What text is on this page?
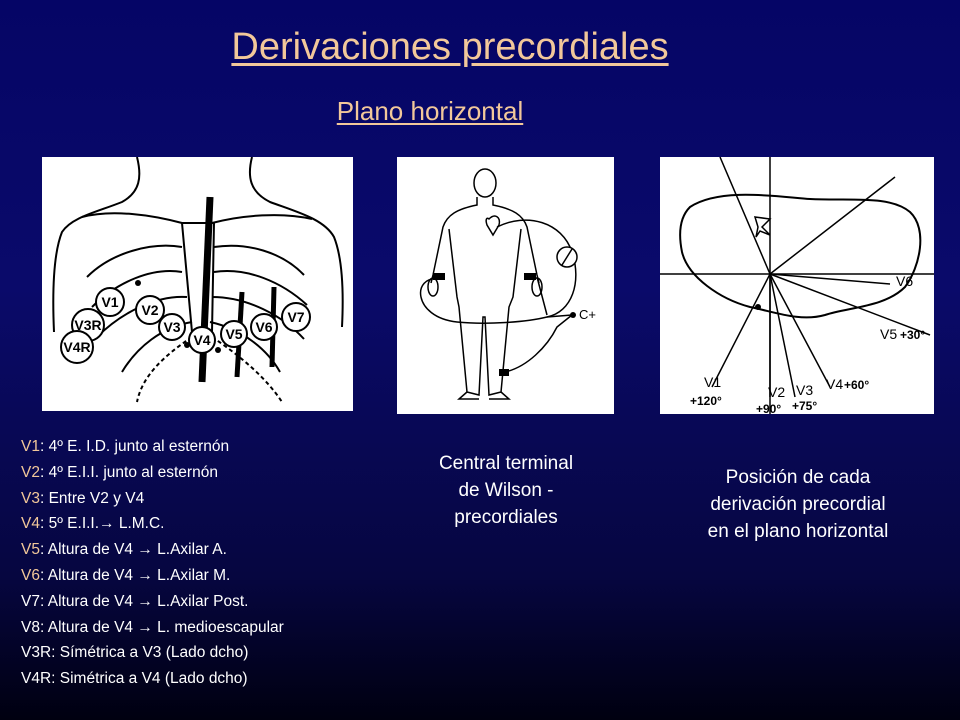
Derivaciones precordiales
Plano horizontal
V1 V2
V3
V4 V5 V6
V7
V3R
V4R
C+
V6
V5
V1
V2 V3 V4
+30°
+120°
+90° +75°
+60°
V1: 4º E. I.D. junto al esternón
V2: 4º E.I.I. junto al esternón
V3: Entre V2 y V4
V4: 5º E.I.I.→ L.M.C.
V5: Altura de V4 → L.Axilar A.
V6: Altura de V4 → L.Axilar M.
V7: Altura de V4 → L.Axilar Post.
V8: Altura de V4 → L. medioescapular
V3R: Símétrica a V3 (Lado dcho)
V4R: Simétrica a V4 (Lado dcho)
Central terminal
de Wilson -
precordiales
Posición de cada
derivación precordial
en el plano horizontal
